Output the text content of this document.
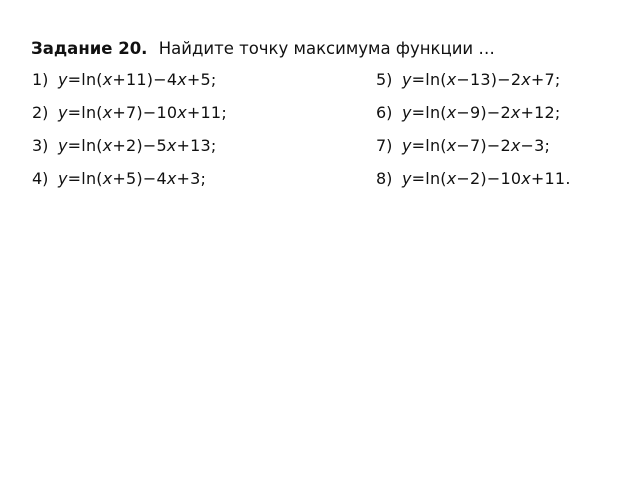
Задание 20. Найдите точку максимума функции …
1) y=ln(x+11)−4x+5;
2) y=ln(x+7)−10x+11;
3) y=ln(x+2)−5x+13;
4) y=ln(x+5)−4x+3;
5) y=ln(x−13)−2x+7;
6) y=ln(x−9)−2x+12;
7) y=ln(x−7)−2x−3;
8) y=ln(x−2)−10x+11.
